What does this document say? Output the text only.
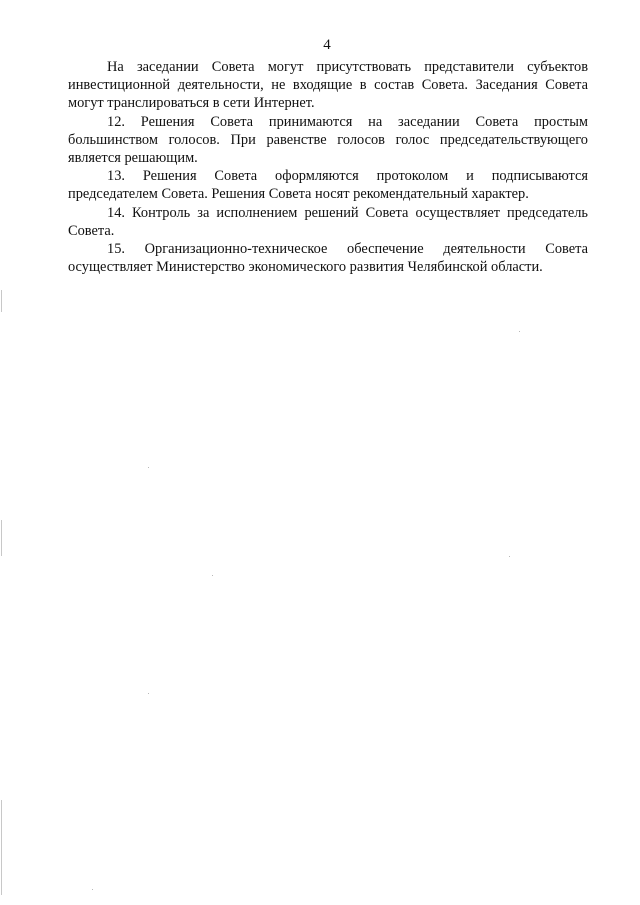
4

На заседании Совета могут присутствовать представители субъектов инвестиционной деятельности, не входящие в состав Совета. Заседания Совета могут транслироваться в сети Интернет.

12. Решения Совета принимаются на заседании Совета простым большинством голосов. При равенстве голосов голос председательствующего является решающим.

13. Решения Совета оформляются протоколом и подписываются председателем Совета. Решения Совета носят рекомендательный характер.

14. Контроль за исполнением решений Совета осуществляет председатель Совета.

15. Организационно-техническое обеспечение деятельности Совета осуществляет Министерство экономического развития Челябинской области.
